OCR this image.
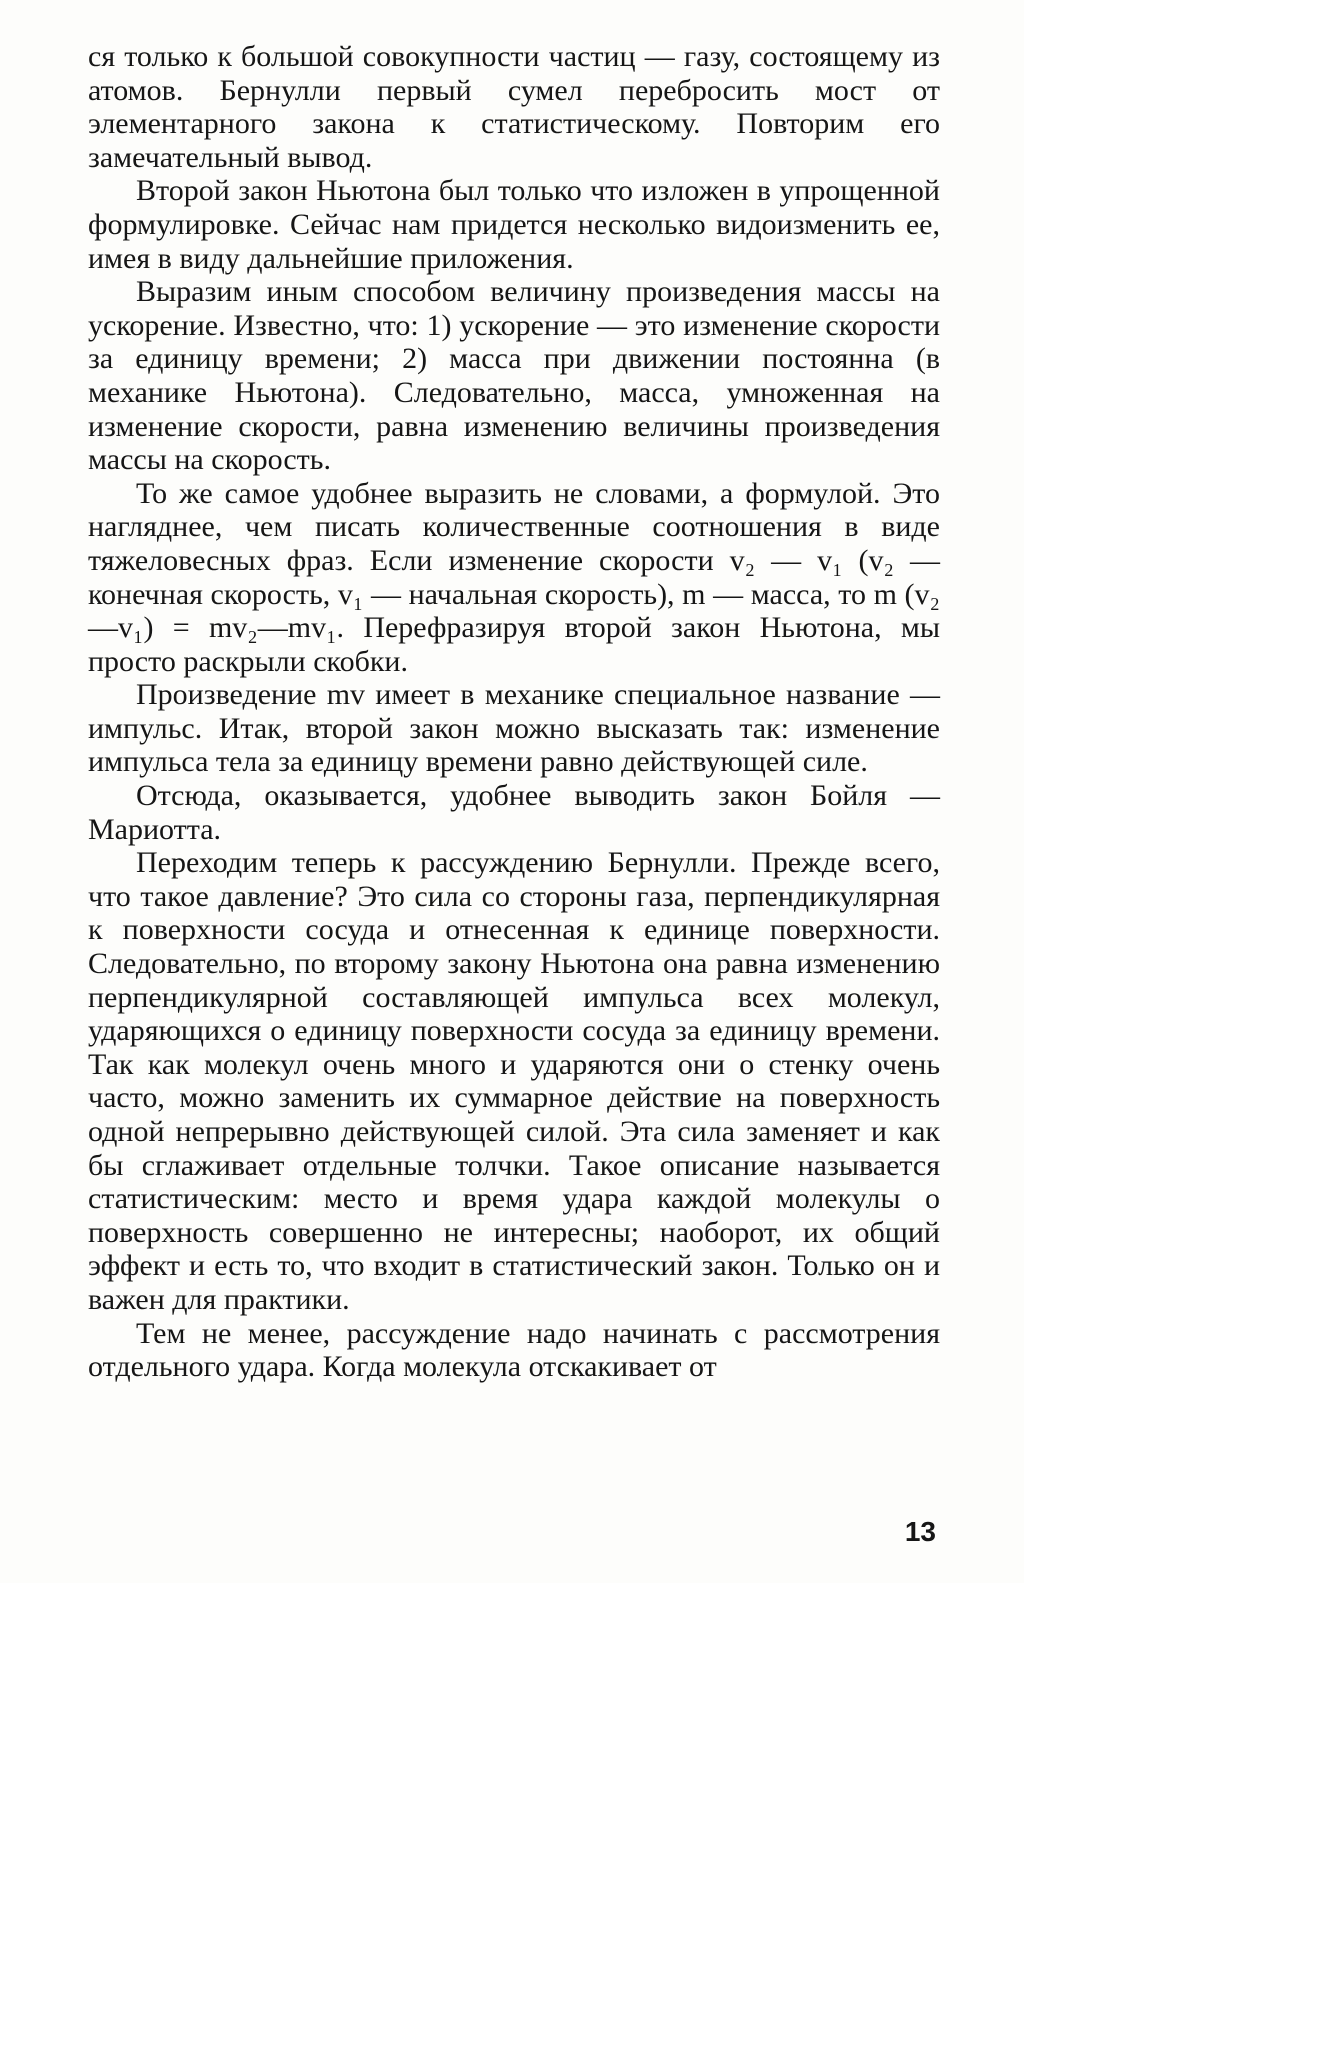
ся только к большой совокупности частиц — газу, состоящему из атомов. Бернулли первый сумел перебросить мост от элементарного закона к статистическому. Повторим его замечательный вывод.

Второй закон Ньютона был только что изложен в упрощенной формулировке. Сейчас нам придется несколько видоизменить ее, имея в виду дальнейшие приложения.

Выразим иным способом величину произведения массы на ускорение. Известно, что: 1) ускорение — это изменение скорости за единицу времени; 2) масса при движении постоянна (в механике Ньютона). Следовательно, масса, умноженная на изменение скорости, равна изменению величины произведения массы на скорость.

То же самое удобнее выразить не словами, а формулой. Это нагляднее, чем писать количественные соотношения в виде тяжеловесных фраз. Если изменение скорости v₂ — v₁ (v₂ — конечная скорость, v₁ — начальная скорость), m — масса, то m (v₂—v₁) = mv₂—mv₁. Перефразируя второй закон Ньютона, мы просто раскрыли скобки.

Произведение mv имеет в механике специальное название — импульс. Итак, второй закон можно высказать так: изменение импульса тела за единицу времени равно действующей силе.

Отсюда, оказывается, удобнее выводить закон Бойля — Мариотта.

Переходим теперь к рассуждению Бернулли. Прежде всего, что такое давление? Это сила со стороны газа, перпендикулярная к поверхности сосуда и отнесенная к единице поверхности. Следовательно, по второму закону Ньютона она равна изменению перпендикулярной составляющей импульса всех молекул, ударяющихся о единицу поверхности сосуда за единицу времени. Так как молекул очень много и ударяются они о стенку очень часто, можно заменить их суммарное действие на поверхность одной непрерывно действующей силой. Эта сила заменяет и как бы сглаживает отдельные толчки. Такое описание называется статистическим: место и время удара каждой молекулы о поверхность совершенно не интересны; наоборот, их общий эффект и есть то, что входит в статистический закон. Только он и важен для практики.

Тем не менее, рассуждение надо начинать с рассмотрения отдельного удара. Когда молекула отскакивает от

13
